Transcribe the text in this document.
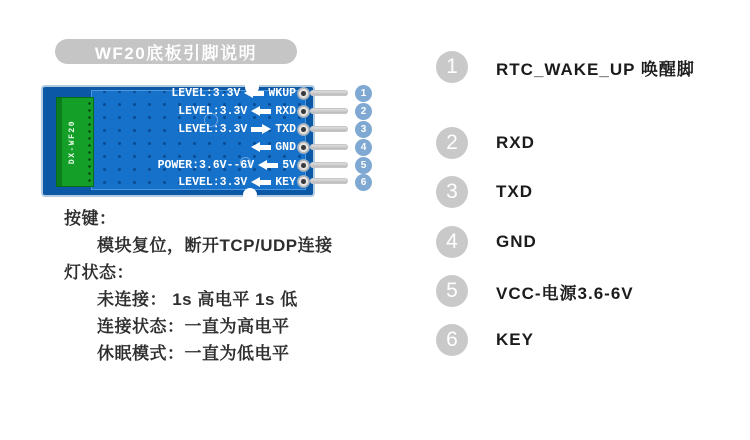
WF20底板引脚说明
DX-WF20
LEVEL:3.3V WKUP
LEVEL:3.3V RXD
LEVEL:3.3V TXD
GND
POWER:3.6V--6V 5V
LEVEL:3.3V KEY
1
2
3
4
5
6
按键：
模块复位，断开TCP/UDP连接
灯状态：
未连接： 1s 高电平 1s 低
连接状态：一直为高电平
休眠模式：一直为低电平
1	RTC_WAKE_UP 唤醒脚
2	RXD
3	TXD
4	GND
5	VCC-电源3.6-6V
6	KEY
